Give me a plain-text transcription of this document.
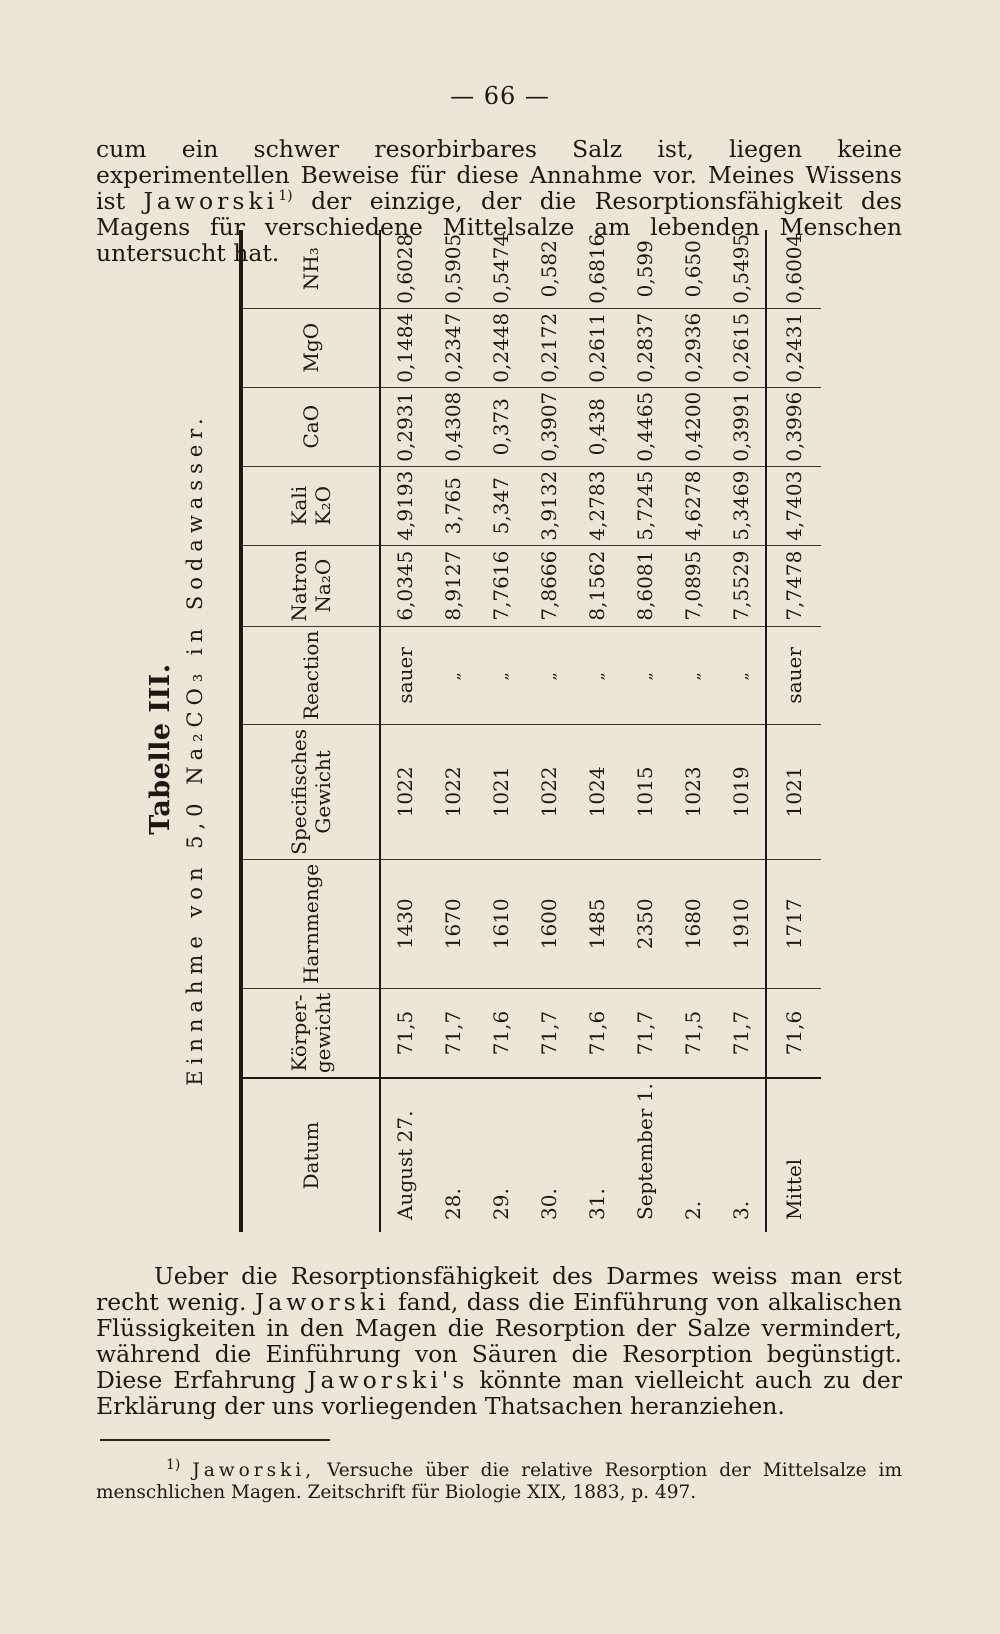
— 66 —

cum ein schwer resorbirbares Salz ist, liegen keine experimentellen Beweise für diese Annahme vor. Meines Wissens ist Jaworski$^{1)}$ der einzige, der die Resorptionsfähigkeit des Magens für verschiedene Mittelsalze am lebenden Menschen untersucht hat.

Tabelle III. Einnahme von 5,0 Na₂CO₃ in Sodawasser.
Datum	Körper-gewicht	Harnmenge	Specifisches Gewicht	Reaction	Natron Na₂O	Kali K₂O	CaO	MgO	NH₃
August 27.	71,5	1430	1022	sauer	6,0345	4,9193	0,2931	0,1484	0,6028
28.	71,7	1670	1022	„	8,9127	3,765	0,4308	0,2347	0,5905
29.	71,6	1610	1021	„	7,7616	5,347	0,373	0,2448	0,5474
30.	71,7	1600	1022	„	7,8666	3,9132	0,3907	0,2172	0,582
31.	71,6	1485	1024	„	8,1562	4,2783	0,438	0,2611	0,6816
September 1.	71,7	2350	1015	„	8,6081	5,7245	0,4465	0,2837	0,599
2.	71,5	1680	1023	„	7,0895	4,6278	0,4200	0,2936	0,650
3.	71,7	1910	1019	„	7,5529	5,3469	0,3991	0,2615	0,5495
Mittel	71,6	1717	1021	sauer	7,7478	4,7403	0,3996	0,2431	0,6004

Ueber die Resorptionsfähigkeit des Darmes weiss man erst recht wenig. Jaworski fand, dass die Einführung von alkalischen Flüssigkeiten in den Magen die Resorption der Salze vermindert, während die Einführung von Säuren die Resorption begünstigt. Diese Erfahrung Jaworski's könnte man vielleicht auch zu der Erklärung der uns vorliegenden Thatsachen heranziehen.

$^{1)}$ Jaworski, Versuche über die relative Resorption der Mittelsalze im menschlichen Magen. Zeitschrift für Biologie XIX, 1883, p. 497.
